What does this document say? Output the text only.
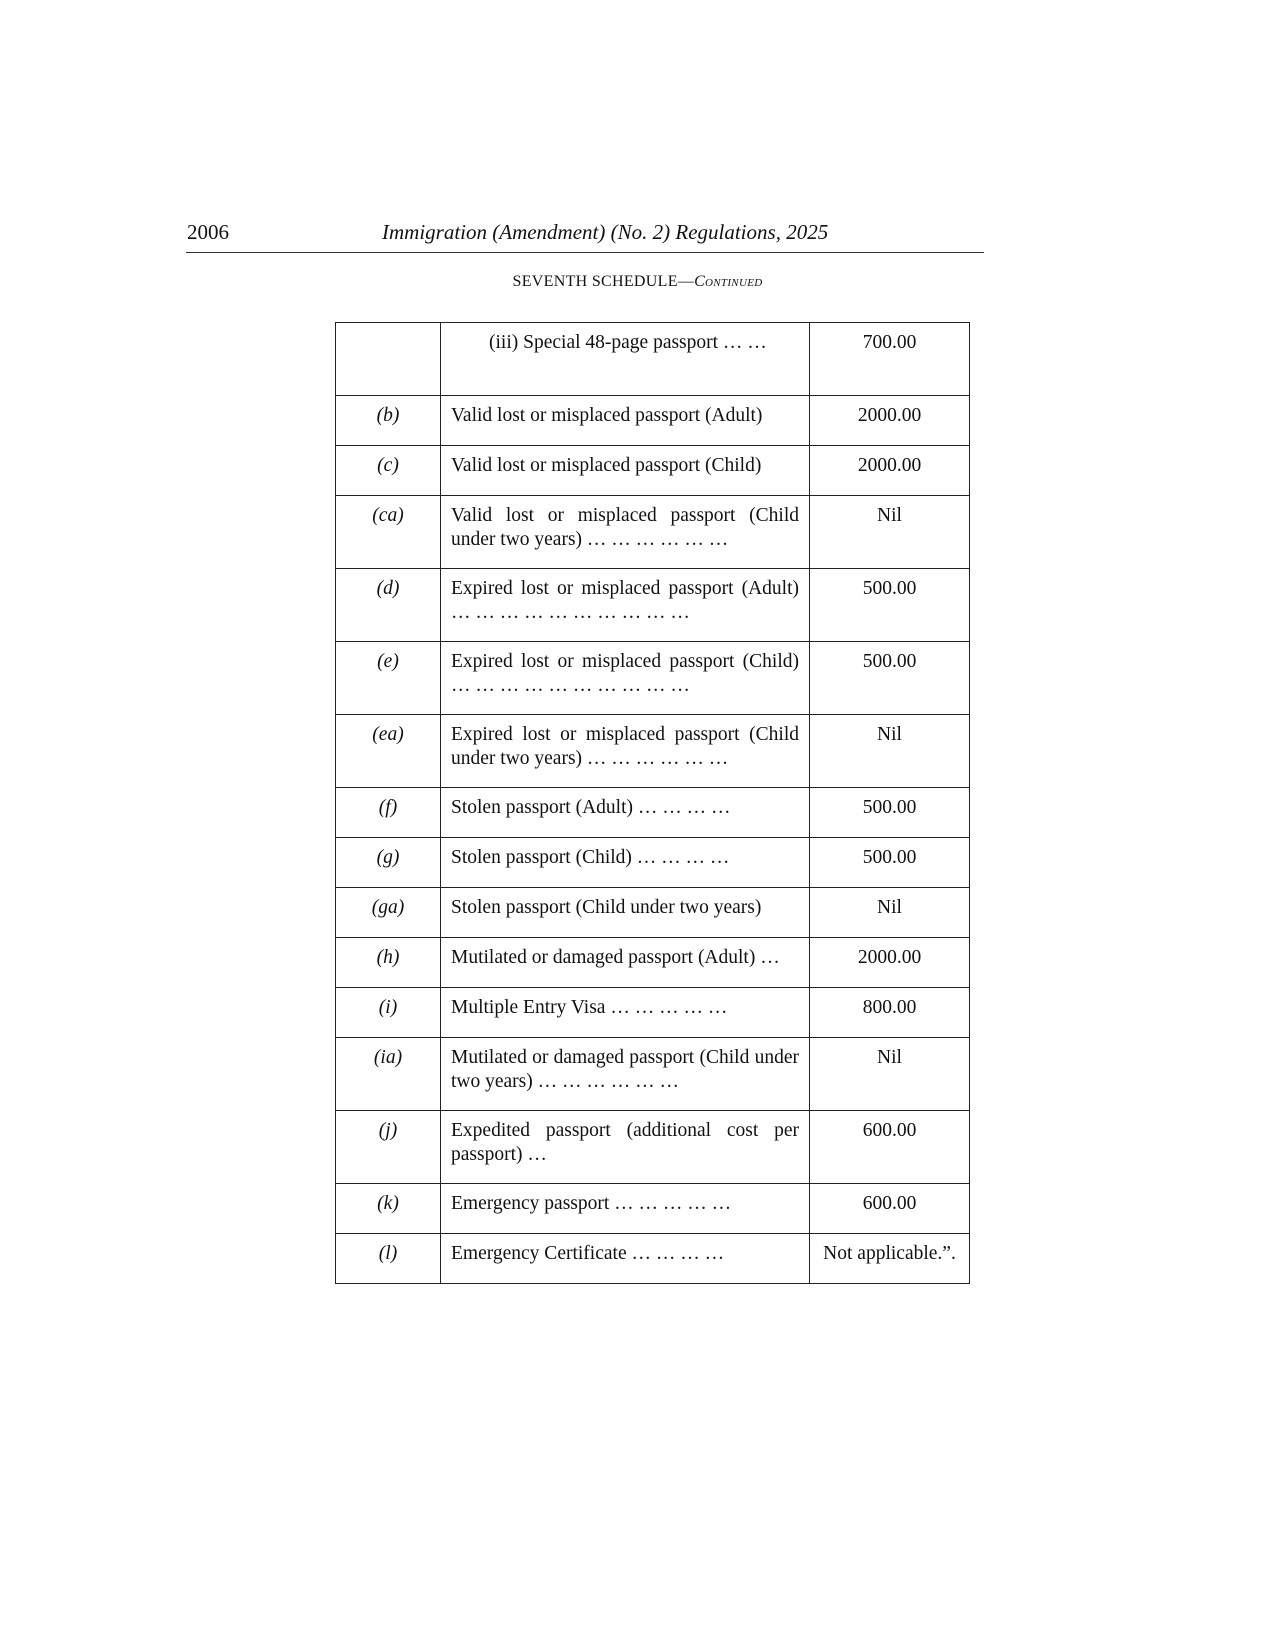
2006	Immigration (Amendment) (No. 2) Regulations, 2025
SEVENTH SCHEDULE—Continued
	(iii) Special 48-page passport … …	700.00
(b)	Valid lost or misplaced passport (Adult)	2000.00
(c)	Valid lost or misplaced passport (Child)	2000.00
(ca)	Valid lost or misplaced passport (Child under two years) … … … … … …	Nil
(d)	Expired lost or misplaced passport (Adult) … … … … … … … … … …	500.00
(e)	Expired lost or misplaced passport (Child) … … … … … … … … … …	500.00
(ea)	Expired lost or misplaced passport (Child under two years) … … … … … …	Nil
(f)	Stolen passport (Adult) … … … …	500.00
(g)	Stolen passport (Child) … … … …	500.00
(ga)	Stolen passport (Child under two years)	Nil
(h)	Mutilated or damaged passport (Adult) …	2000.00
(i)	Multiple Entry Visa … … … … …	800.00
(ia)	Mutilated or damaged passport (Child under two years) … … … … … …	Nil
(j)	Expedited passport (additional cost per passport) …	600.00
(k)	Emergency passport … … … … …	600.00
(l)	Emergency Certificate … … … …	Not applicable.”.
